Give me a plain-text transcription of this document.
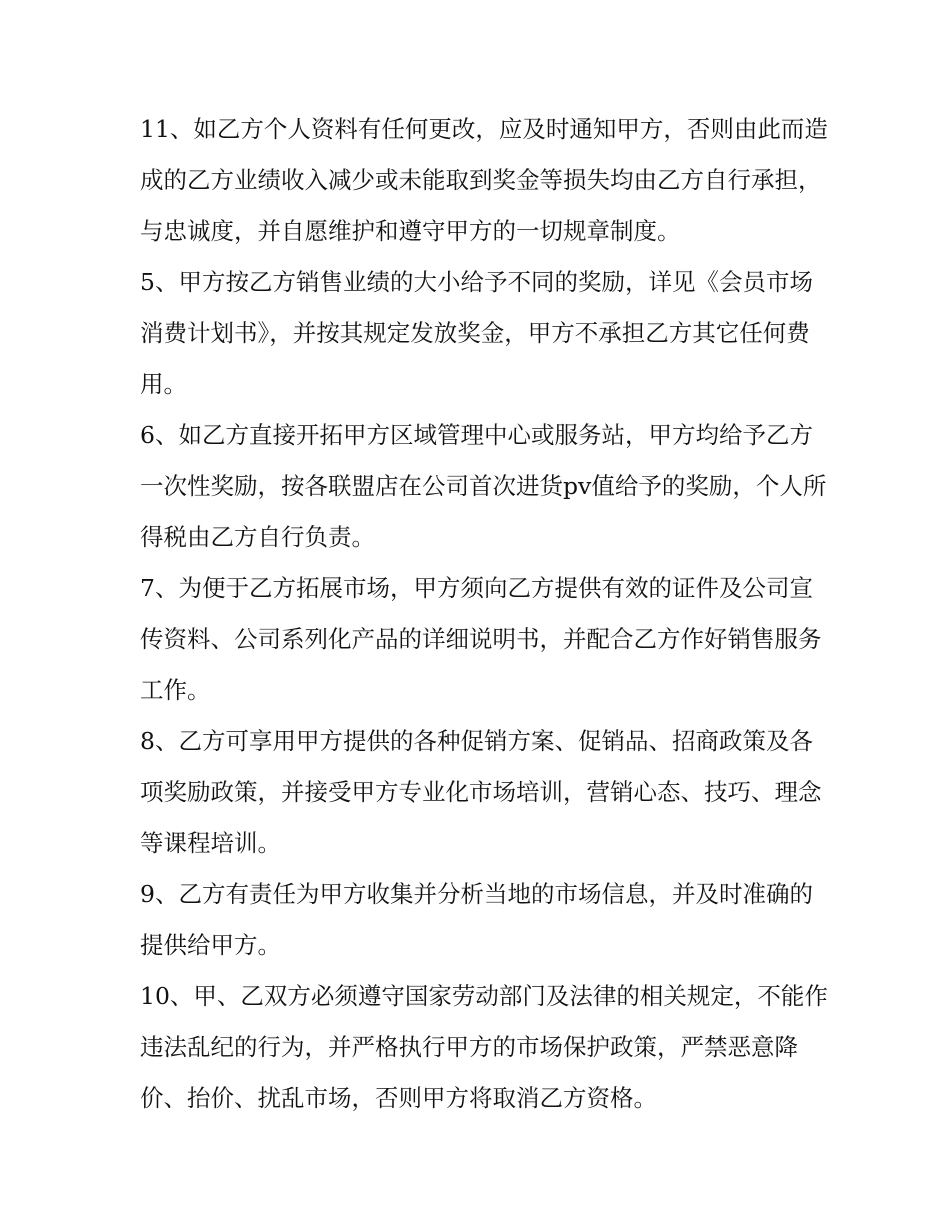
11、如乙方个人资料有任何更改，应及时通知甲方，否则由此而造成的乙方业绩收入减少或未能取到奖金等损失均由乙方自行承担，与忠诚度，并自愿维护和遵守甲方的一切规章制度。

5、甲方按乙方销售业绩的大小给予不同的奖励，详见《会员市场消费计划书》，并按其规定发放奖金，甲方不承担乙方其它任何费用。

6、如乙方直接开拓甲方区域管理中心或服务站，甲方均给予乙方一次性奖励，按各联盟店在公司首次进货pv值给予的奖励，个人所得税由乙方自行负责。

7、为便于乙方拓展市场，甲方须向乙方提供有效的证件及公司宣传资料、公司系列化产品的详细说明书，并配合乙方作好销售服务工作。

8、乙方可享用甲方提供的各种促销方案、促销品、招商政策及各项奖励政策，并接受甲方专业化市场培训，营销心态、技巧、理念等课程培训。

9、乙方有责任为甲方收集并分析当地的市场信息，并及时准确的提供给甲方。

10、甲、乙双方必须遵守国家劳动部门及法律的相关规定，不能作违法乱纪的行为，并严格执行甲方的市场保护政策，严禁恶意降价、抬价、扰乱市场，否则甲方将取消乙方资格。
